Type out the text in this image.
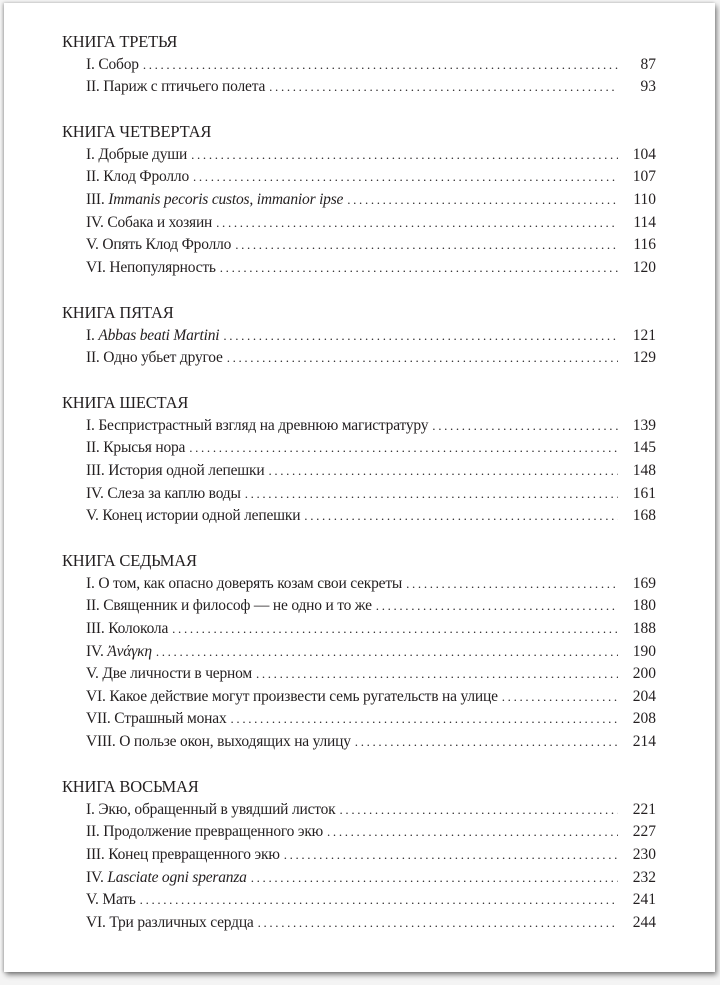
КНИГА ТРЕТЬЯ
I. Собор . . .	87
II. Париж с птичьего полета . . .	93
КНИГА ЧЕТВЕРТАЯ
I. Добрые души . . .	104
II. Клод Фролло . . .	107
III. Immanis pecoris custos, immanior ipse . . .	110
IV. Собака и хозяин . . .	114
V. Опять Клод Фролло . . .	116
VI. Непопулярность . . .	120
КНИГА ПЯТАЯ
I. Abbas beati Martini . . .	121
II. Одно убьет другое . . .	129
КНИГА ШЕСТАЯ
I. Беспристрастный взгляд на древнюю магистратуру . . .	139
II. Крысья нора . . .	145
III. История одной лепешки . . .	148
IV. Слеза за каплю воды . . .	161
V. Конец истории одной лепешки . . .	168
КНИГА СЕДЬМАЯ
I. О том, как опасно доверять козам свои секреты . . .	169
II. Священник и философ — не одно и то же . . .	180
III. Колокола . . .	188
IV. Ἀνάγκη . . .	190
V. Две личности в черном . . .	200
VI. Какое действие могут произвести семь ругательств на улице . . .	204
VII. Страшный монах . . .	208
VIII. О пользе окон, выходящих на улицу . . .	214
КНИГА ВОСЬМАЯ
I. Экю, обращенный в увядший листок . . .	221
II. Продолжение превращенного экю . . .	227
III. Конец превращенного экю . . .	230
IV. Lasciate ogni speranza . . .	232
V. Мать . . .	241
VI. Три различных сердца . . .	244
